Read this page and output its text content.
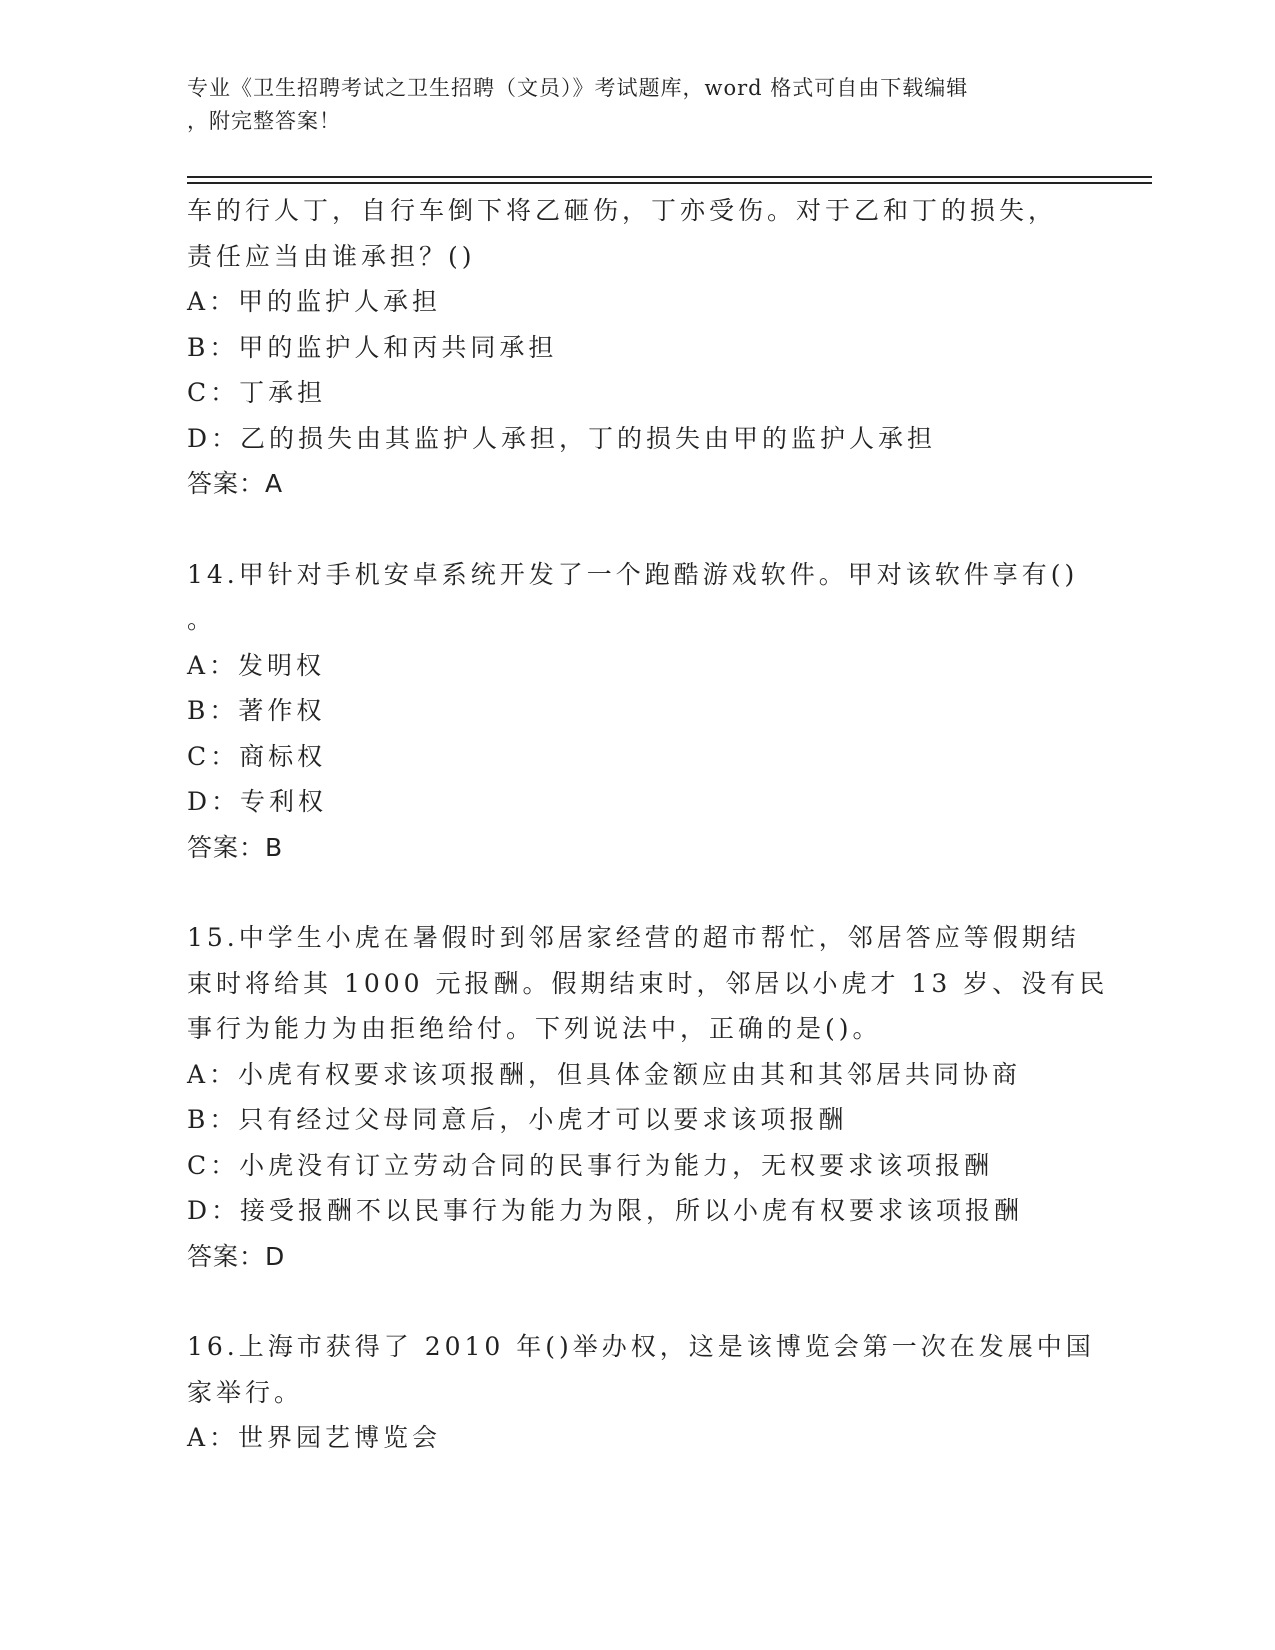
专业《卫生招聘考试之卫生招聘（文员）》考试题库，word 格式可自由下载编辑
，附完整答案！
车的行人丁，自行车倒下将乙砸伤，丁亦受伤。对于乙和丁的损失，
责任应当由谁承担？()
A：甲的监护人承担
B：甲的监护人和丙共同承担
C：丁承担
D：乙的损失由其监护人承担，丁的损失由甲的监护人承担
答案：A
14.甲针对手机安卓系统开发了一个跑酷游戏软件。甲对该软件享有()
。
A：发明权
B：著作权
C：商标权
D：专利权
答案：B
15.中学生小虎在暑假时到邻居家经营的超市帮忙，邻居答应等假期结
束时将给其 1000 元报酬。假期结束时，邻居以小虎才 13 岁、没有民
事行为能力为由拒绝给付。下列说法中，正确的是()。
A：小虎有权要求该项报酬，但具体金额应由其和其邻居共同协商
B：只有经过父母同意后，小虎才可以要求该项报酬
C：小虎没有订立劳动合同的民事行为能力，无权要求该项报酬
D：接受报酬不以民事行为能力为限，所以小虎有权要求该项报酬
答案：D
16.上海市获得了 2010 年()举办权，这是该博览会第一次在发展中国
家举行。
A：世界园艺博览会
